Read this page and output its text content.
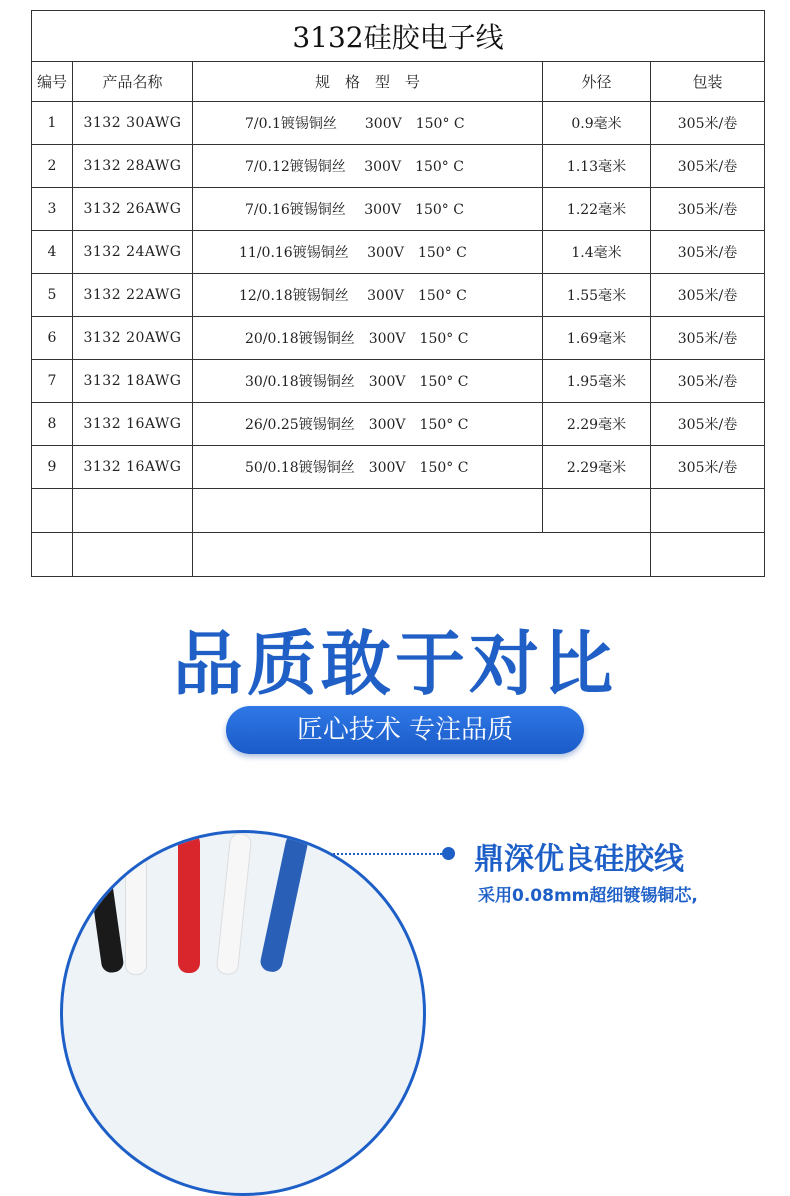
3132硅胶电子线				
编号	产品名称	规　格　型　号	外径	包装
1	3132 30AWG	7/0.1镀锡铜丝　　300V　150° C	0.9毫米	305米/卷
2	3132 28AWG	7/0.12镀锡铜丝　 300V　150° C	1.13毫米	305米/卷
3	3132 26AWG	7/0.16镀锡铜丝　 300V　150° C	1.22毫米	305米/卷
4	3132 24AWG	11/0.16镀锡铜丝　 300V　150° C	1.4毫米	305米/卷
5	3132 22AWG	12/0.18镀锡铜丝　 300V　150° C	1.55毫米	305米/卷
6	3132 20AWG	20/0.18镀锡铜丝　300V　150° C	1.69毫米	305米/卷
7	3132 18AWG	30/0.18镀锡铜丝　300V　150° C	1.95毫米	305米/卷
8	3132 16AWG	26/0.25镀锡铜丝　300V　150° C	2.29毫米	305米/卷
9	3132 16AWG	50/0.18镀锡铜丝　300V　150° C	2.29毫米	305米/卷

品质敢于对比
匠心技术 专注品质
鼎深优良硅胶线
采用0.08mm超细镀锡铜芯,
